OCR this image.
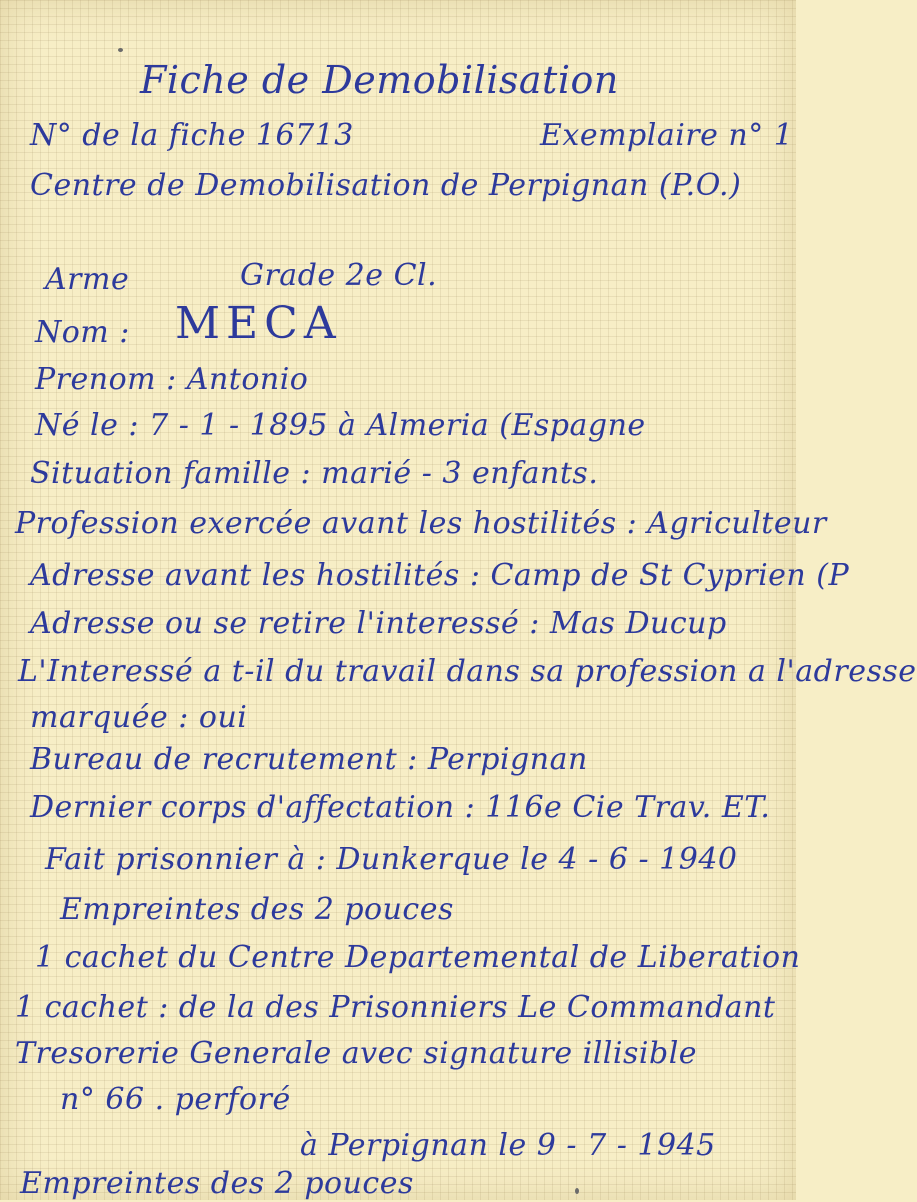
Fiche de Demobilisation
N° de la fiche 16713	Exemplaire n° 1
Centre de Demobilisation de Perpignan (P.O.)
Arme	Grade 2e Cl.
Nom : MECA
Prenom : Antonio
Né le : 7 - 1 - 1895 à Almeria (Espagne
Situation famille : marié - 3 enfants.
Profession exercée avant les hostilités : Agriculteur
Adresse avant les hostilités : Camp de St Cyprien (P
Adresse ou se retire l'interessé : Mas Ducup
L'Interessé a t-il du travail dans sa profession a l'adresse
marquée : oui
Bureau de recrutement : Perpignan
Dernier corps d'affectation : 116e Cie Trav. ET.
Fait prisonnier à : Dunkerque le 4 - 6 - 1940
Empreintes des 2 pouces
1 cachet du Centre Departemental de Liberation
1 cachet : de la des Prisonniers Le Commandant
Tresorerie Generale avec signature illisible
n° 66 . perforé
à Perpignan le 9 - 7 - 1945
Empreintes des 2 pouces
